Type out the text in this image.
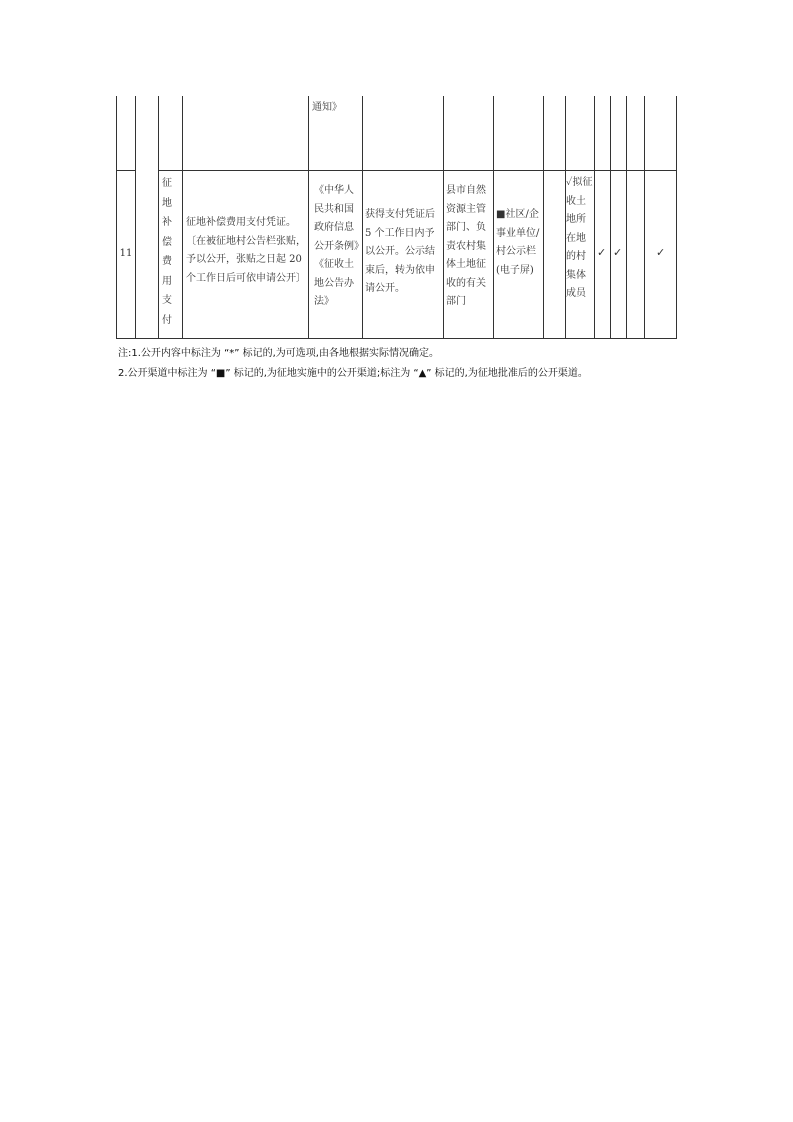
通知》
11
征地补偿费用支付
征地补偿费用支付凭证。〔在被征地村公告栏张贴，予以公开，张贴之日起 20 个工作日后可依申请公开〕
《中华人民共和国政府信息公开条例》《征收土地公告办法》
获得支付凭证后 5 个工作日内予以公开。公示结束后，转为依申请公开。
县市自然资源主管部门、负责农村集体土地征收的有关部门
■社区/企事业单位/村公示栏(电子屏)
✓拟征收土地所在地的村集体成员
✓ ✓	✓
注:1.公开内容中标注为 “*” 标记的,为可选项,由各地根据实际情况确定。
2.公开渠道中标注为 “■” 标记的,为征地实施中的公开渠道;标注为 “▲” 标记的,为征地批准后的公开渠道。
